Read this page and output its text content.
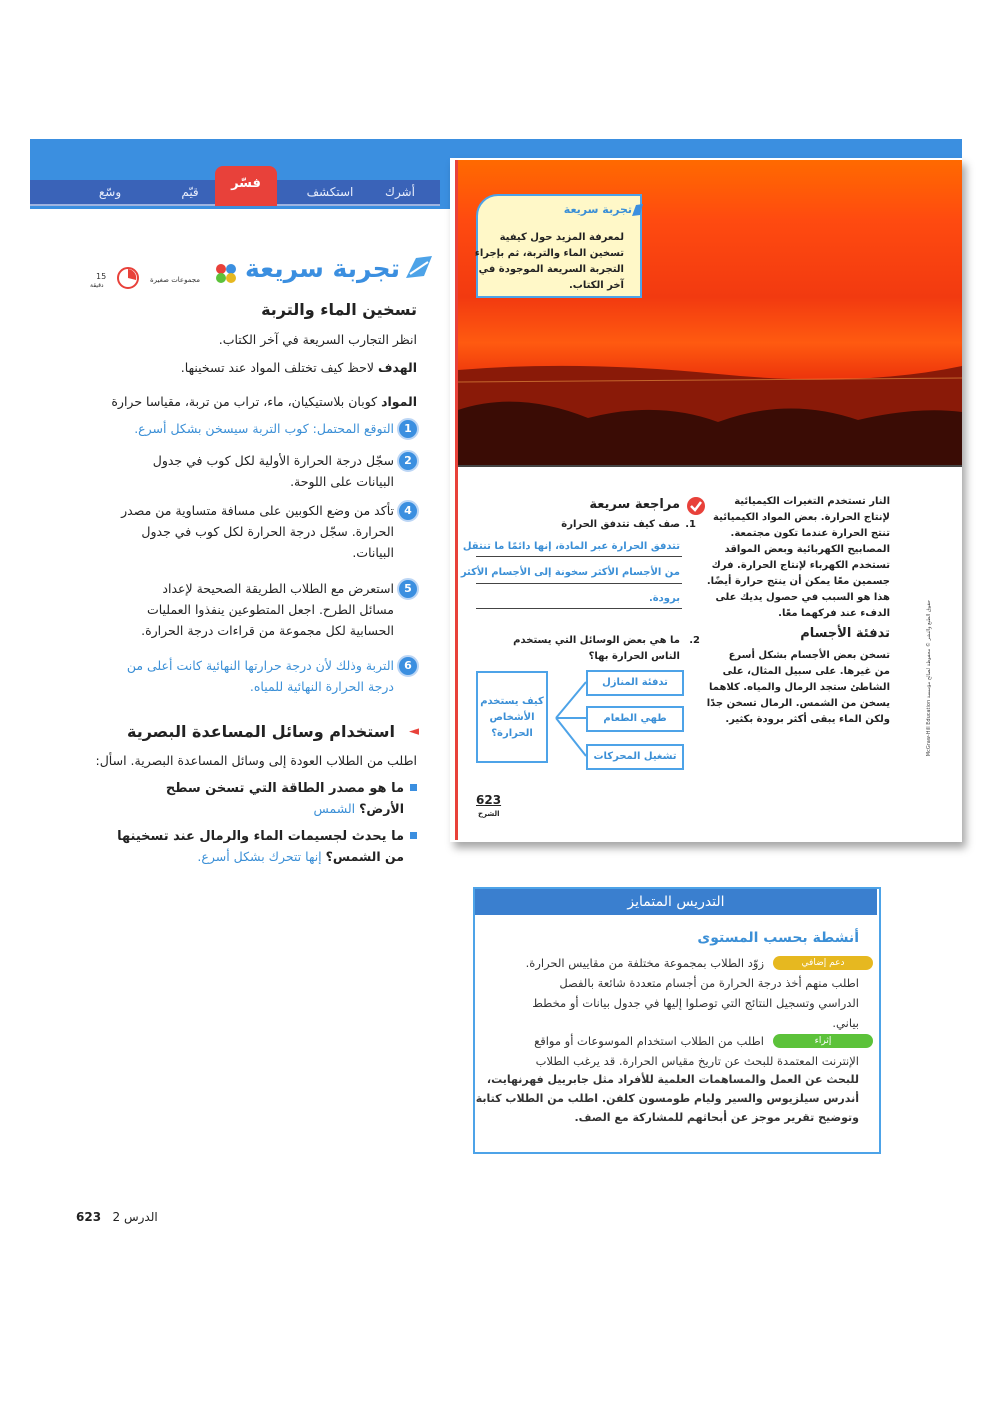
أشرك
استكشف
قيّم
وسّع
فسّر
تجربة سريعة
مجموعات صغيرة
15
دقيقة
تسخين الماء والتربة
انظر التجارب السريعة في آخر الكتاب.
الهدف لاحظ كيف تختلف المواد عند تسخينها.
المواد كوبان بلاستيكيان، ماء، تراب من تربة، مقياسا حرارة
1
التوقع المحتمل: كوب التربة سيسخن بشكل أسرع.
2
سجّل درجة الحرارة الأولية لكل كوب في جدول
البيانات على اللوحة.
4
تأكد من وضع الكوبين على مسافة متساوية من مصدر
الحرارة. سجّل درجة الحرارة لكل كوب في جدول
البيانات.
5
استعرض مع الطلاب الطريقة الصحيحة لإعداد
مسائل الطرح. اجعل المتطوعين ينفذوا العمليات
الحسابية لكل مجموعة من قراءات درجة الحرارة.
6
التربة وذلك لأن درجة حرارتها النهائية كانت أعلى من
درجة الحرارة النهائية للمياه.
◄
استخدام وسائل المساعدة البصرية
اطلب من الطلاب العودة إلى وسائل المساعدة البصرية. اسأل:
ما هو مصدر الطاقة التي تسخن سطح
الأرض؟ الشمس
ما يحدث لجسيمات الماء والرمال عند تسخينها
من الشمس؟ إنها تتحرك بشكل أسرع.
تجربة سريعة
لمعرفة المزيد حول كيفية
تسخين الماء والتربة، ثم بإجراء
التجربة السريعة الموجودة في
آخر الكتاب.
النار تستخدم التغيرات الكيميائية
لإنتاج الحرارة. بعض المواد الكيميائية
تنتج الحرارة عندما تكون مجتمعة.
المصابيح الكهربائية وبعض المواقد
تستخدم الكهرباء لإنتاج الحرارة. فرك
جسمين معًا يمكن أن ينتج حرارة أيضًا.
هذا هو السبب في حصول يديك على
الدفء عند فركهما معًا.
تدفئة الأجسام
تسخن بعض الأجسام بشكل أسرع
من غيرها. على سبيل المثال، على
الشاطئ ستجد الرمال والمياه. كلاهما
يسخن من الشمس. الرمال تسخن جدًا
ولكن الماء يبقى أكثر برودة بكثير.	حقوق الطبع والنشر © محفوظة لصالح مؤسسة McGraw-Hill Education
مراجعة سريعة
1.
صف كيف تتدفق الحرارة
تتدفق الحرارة عبر المادة، إنها دائمًا ما تنتقل
من الأجسام الأكثر سخونة إلى الأجسام الأكثر
برودة.
2.
ما هي بعض الوسائل التي يستخدم
الناس الحرارة بها؟
كيف يستخدم الأشخاص الحرارة؟
تدفئة المنازل
طهي الطعام
تشغيل المحركات
623
الشرح
التدريس المتمايز
أنشطة بحسب المستوى
دعم إضافي
زوّد الطلاب بمجموعة مختلفة من مقاييس الحرارة.
اطلب منهم أخذ درجة الحرارة من أجسام متعددة شائعة بالفصل
الدراسي وتسجيل النتائج التي توصلوا إليها في جدول بيانات أو مخطط
بياني.
إثراء
اطلب من الطلاب استخدام الموسوعات أو مواقع
الإنترنت المعتمدة للبحث عن تاريخ مقياس الحرارة. قد يرغب الطلاب
للبحث عن العمل والمساهمات العلمية للأفراد مثل جابرييل فهرنهايت،
أندرس سيلزيوس والسير وليام طومسون كلفن. اطلب من الطلاب كتابة
وتوضيح تقرير موجز عن أبحاثهم للمشاركة مع الصف.
الدرس 2   623
